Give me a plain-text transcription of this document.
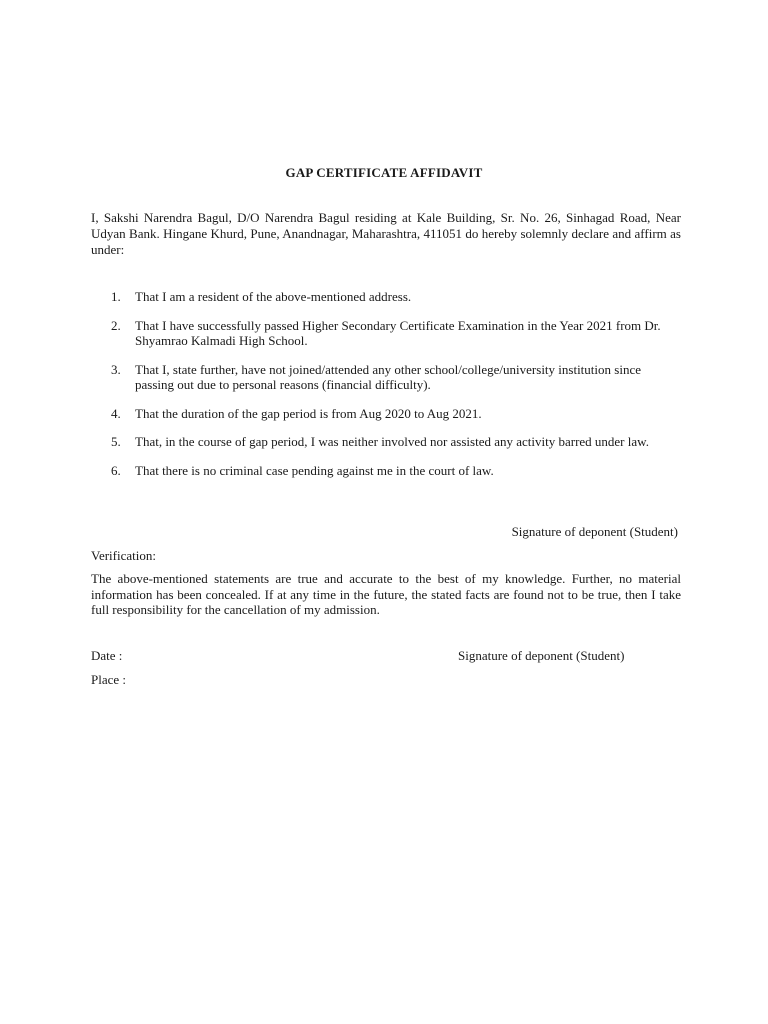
GAP CERTIFICATE AFFIDAVIT
I, Sakshi Narendra Bagul, D/O Narendra Bagul residing at Kale Building, Sr. No. 26, Sinhagad Road, Near Udyan Bank. Hingane Khurd, Pune, Anandnagar, Maharashtra, 411051 do hereby solemnly declare and affirm as under:
1.	That I am a resident of the above-mentioned address.
2.	That I have successfully passed Higher Secondary Certificate Examination in the Year 2021 from Dr. Shyamrao Kalmadi High School.
3.	That I, state further, have not joined/attended any other school/college/university institution since passing out due to personal reasons (financial difficulty).
4.	That the duration of the gap period is from Aug 2020 to Aug 2021.
5.	That, in the course of gap period, I was neither involved nor assisted any activity barred under law.
6.	That there is no criminal case pending against me in the court of law.
Signature of deponent (Student)
Verification:
The above-mentioned statements are true and accurate to the best of my knowledge. Further, no material information has been concealed. If at any time in the future, the stated facts are found not to be true, then I take full responsibility for the cancellation of my admission.
Date :	Signature of deponent (Student)
Place :
